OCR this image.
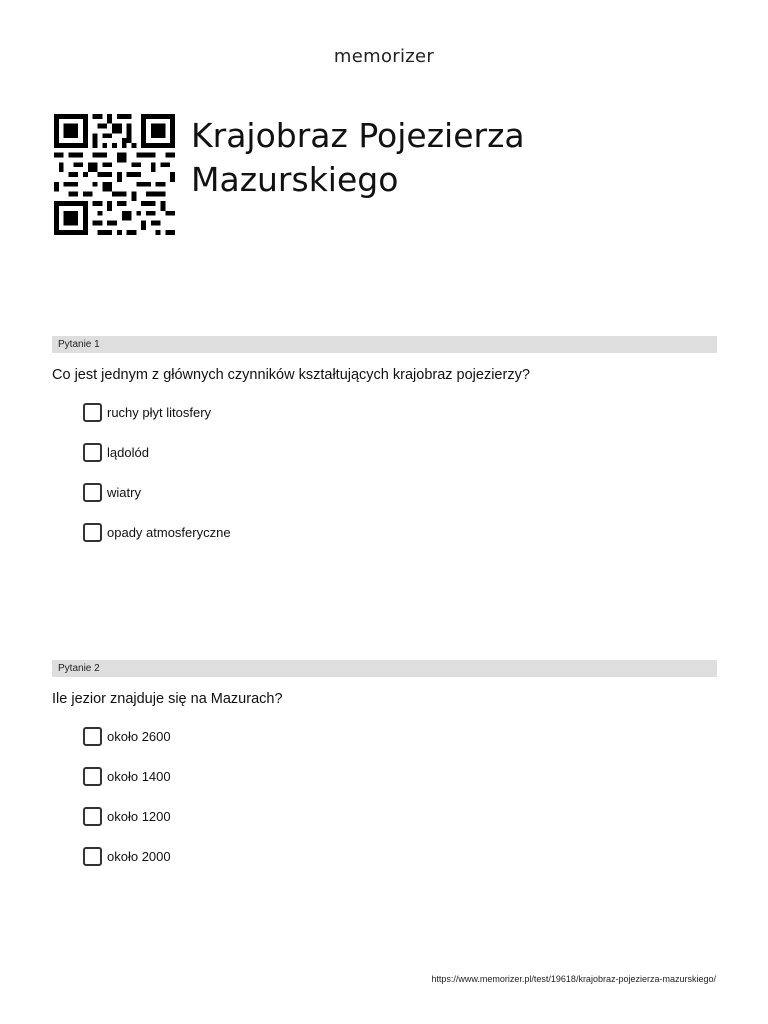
memorizer
Krajobraz Pojezierza
Mazurskiego
Pytanie 1
Co jest jednym z głównych czynników kształtujących krajobraz pojezierzy?
ruchy płyt litosfery
lądolód
wiatry
opady atmosferyczne
Pytanie 2
Ile jezior znajduje się na Mazurach?
około 2600
około 1400
około 1200
około 2000
https://www.memorizer.pl/test/19618/krajobraz-pojezierza-mazurskiego/
